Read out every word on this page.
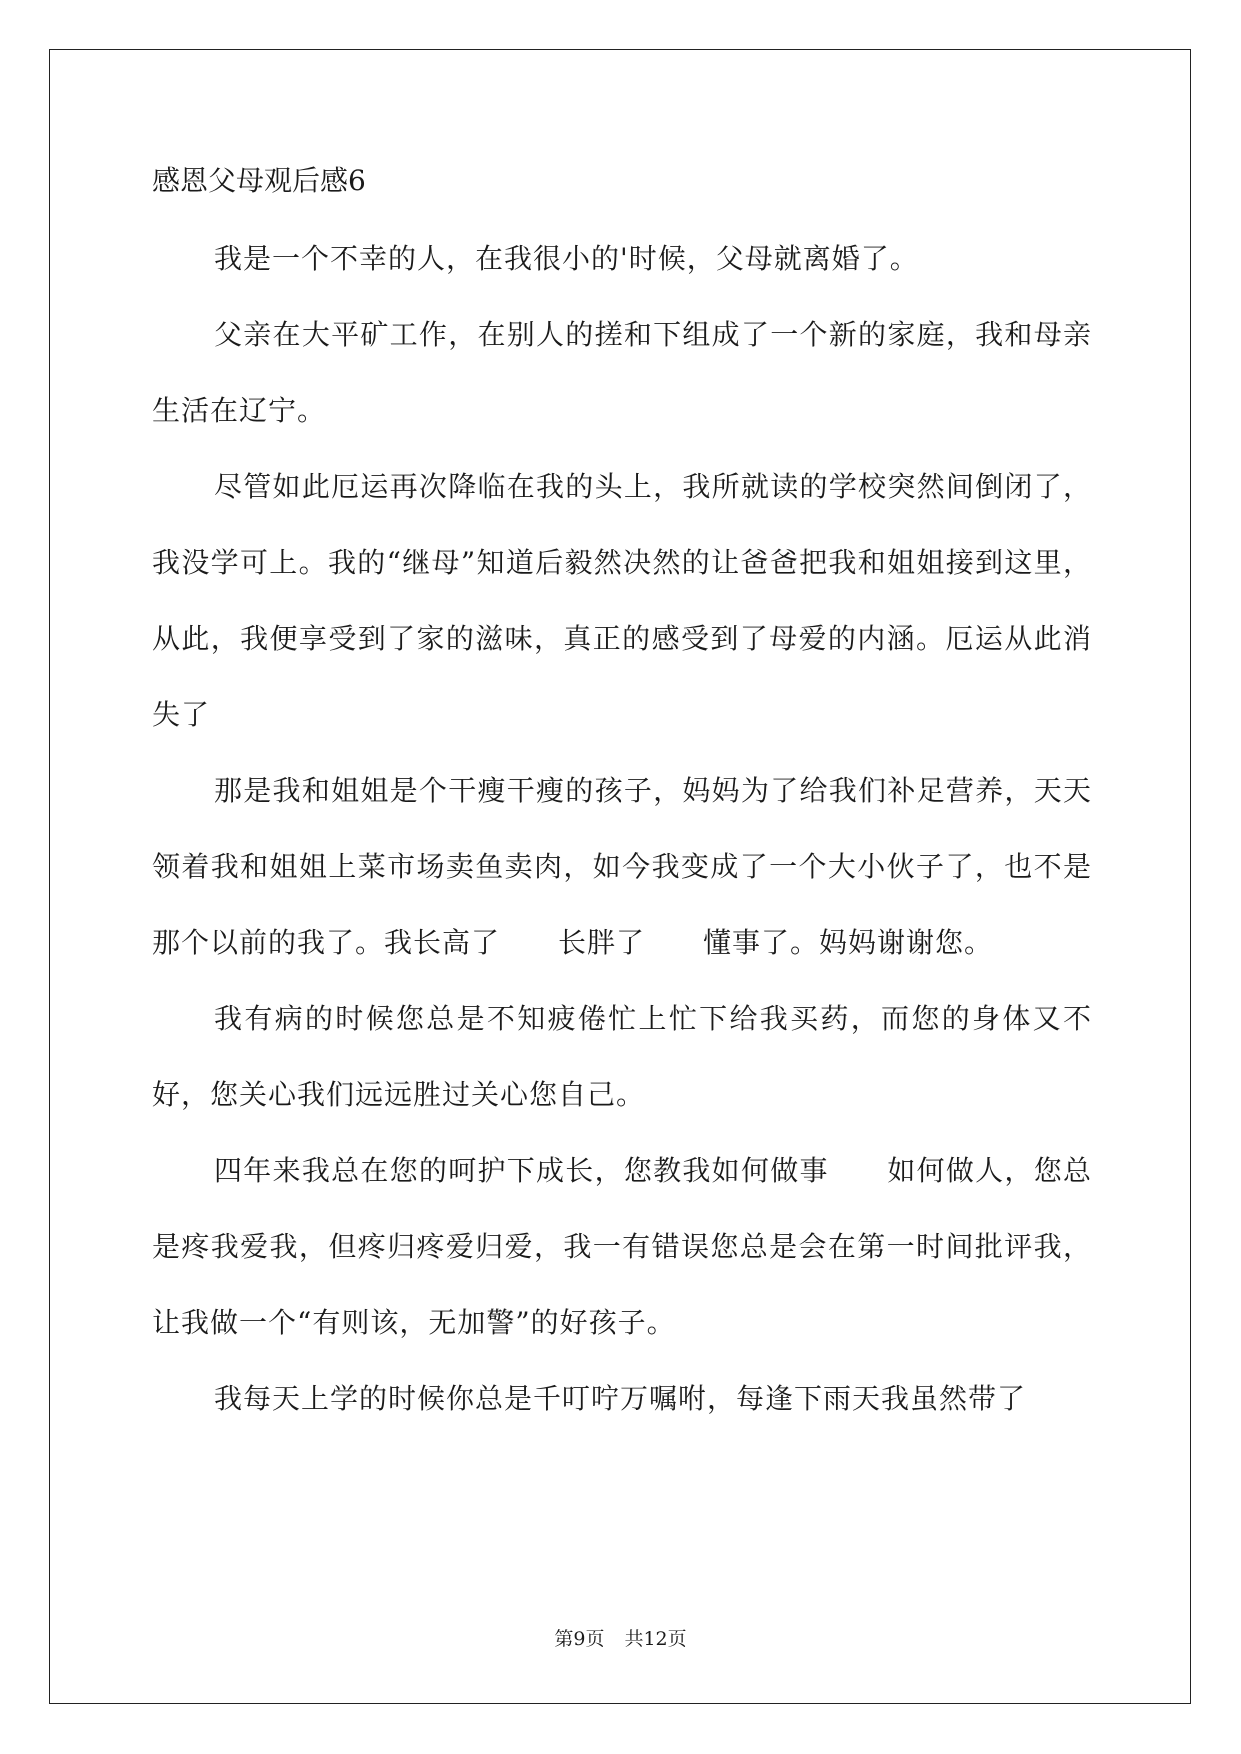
感恩父母观后感6

我是一个不幸的人，在我很小的'时候，父母就离婚了。

父亲在大平矿工作，在别人的搓和下组成了一个新的家庭，我和母亲生活在辽宁。

尽管如此厄运再次降临在我的头上，我所就读的学校突然间倒闭了，我没学可上。我的“继母”知道后毅然决然的让爸爸把我和姐姐接到这里，从此，我便享受到了家的滋味，真正的感受到了母爱的内涵。厄运从此消失了

那是我和姐姐是个干瘦干瘦的孩子，妈妈为了给我们补足营养，天天领着我和姐姐上菜市场卖鱼卖肉，如今我变成了一个大小伙子了，也不是那个以前的我了。我长高了　　长胖了　　懂事了。妈妈谢谢您。

我有病的时候您总是不知疲倦忙上忙下给我买药，而您的身体又不好，您关心我们远远胜过关心您自己。

四年来我总在您的呵护下成长，您教我如何做事　　如何做人，您总是疼我爱我，但疼归疼爱归爱，我一有错误您总是会在第一时间批评我，让我做一个“有则该，无加警”的好孩子。

我每天上学的时候你总是千叮咛万嘱咐，每逢下雨天我虽然带了

第9页 共12页
